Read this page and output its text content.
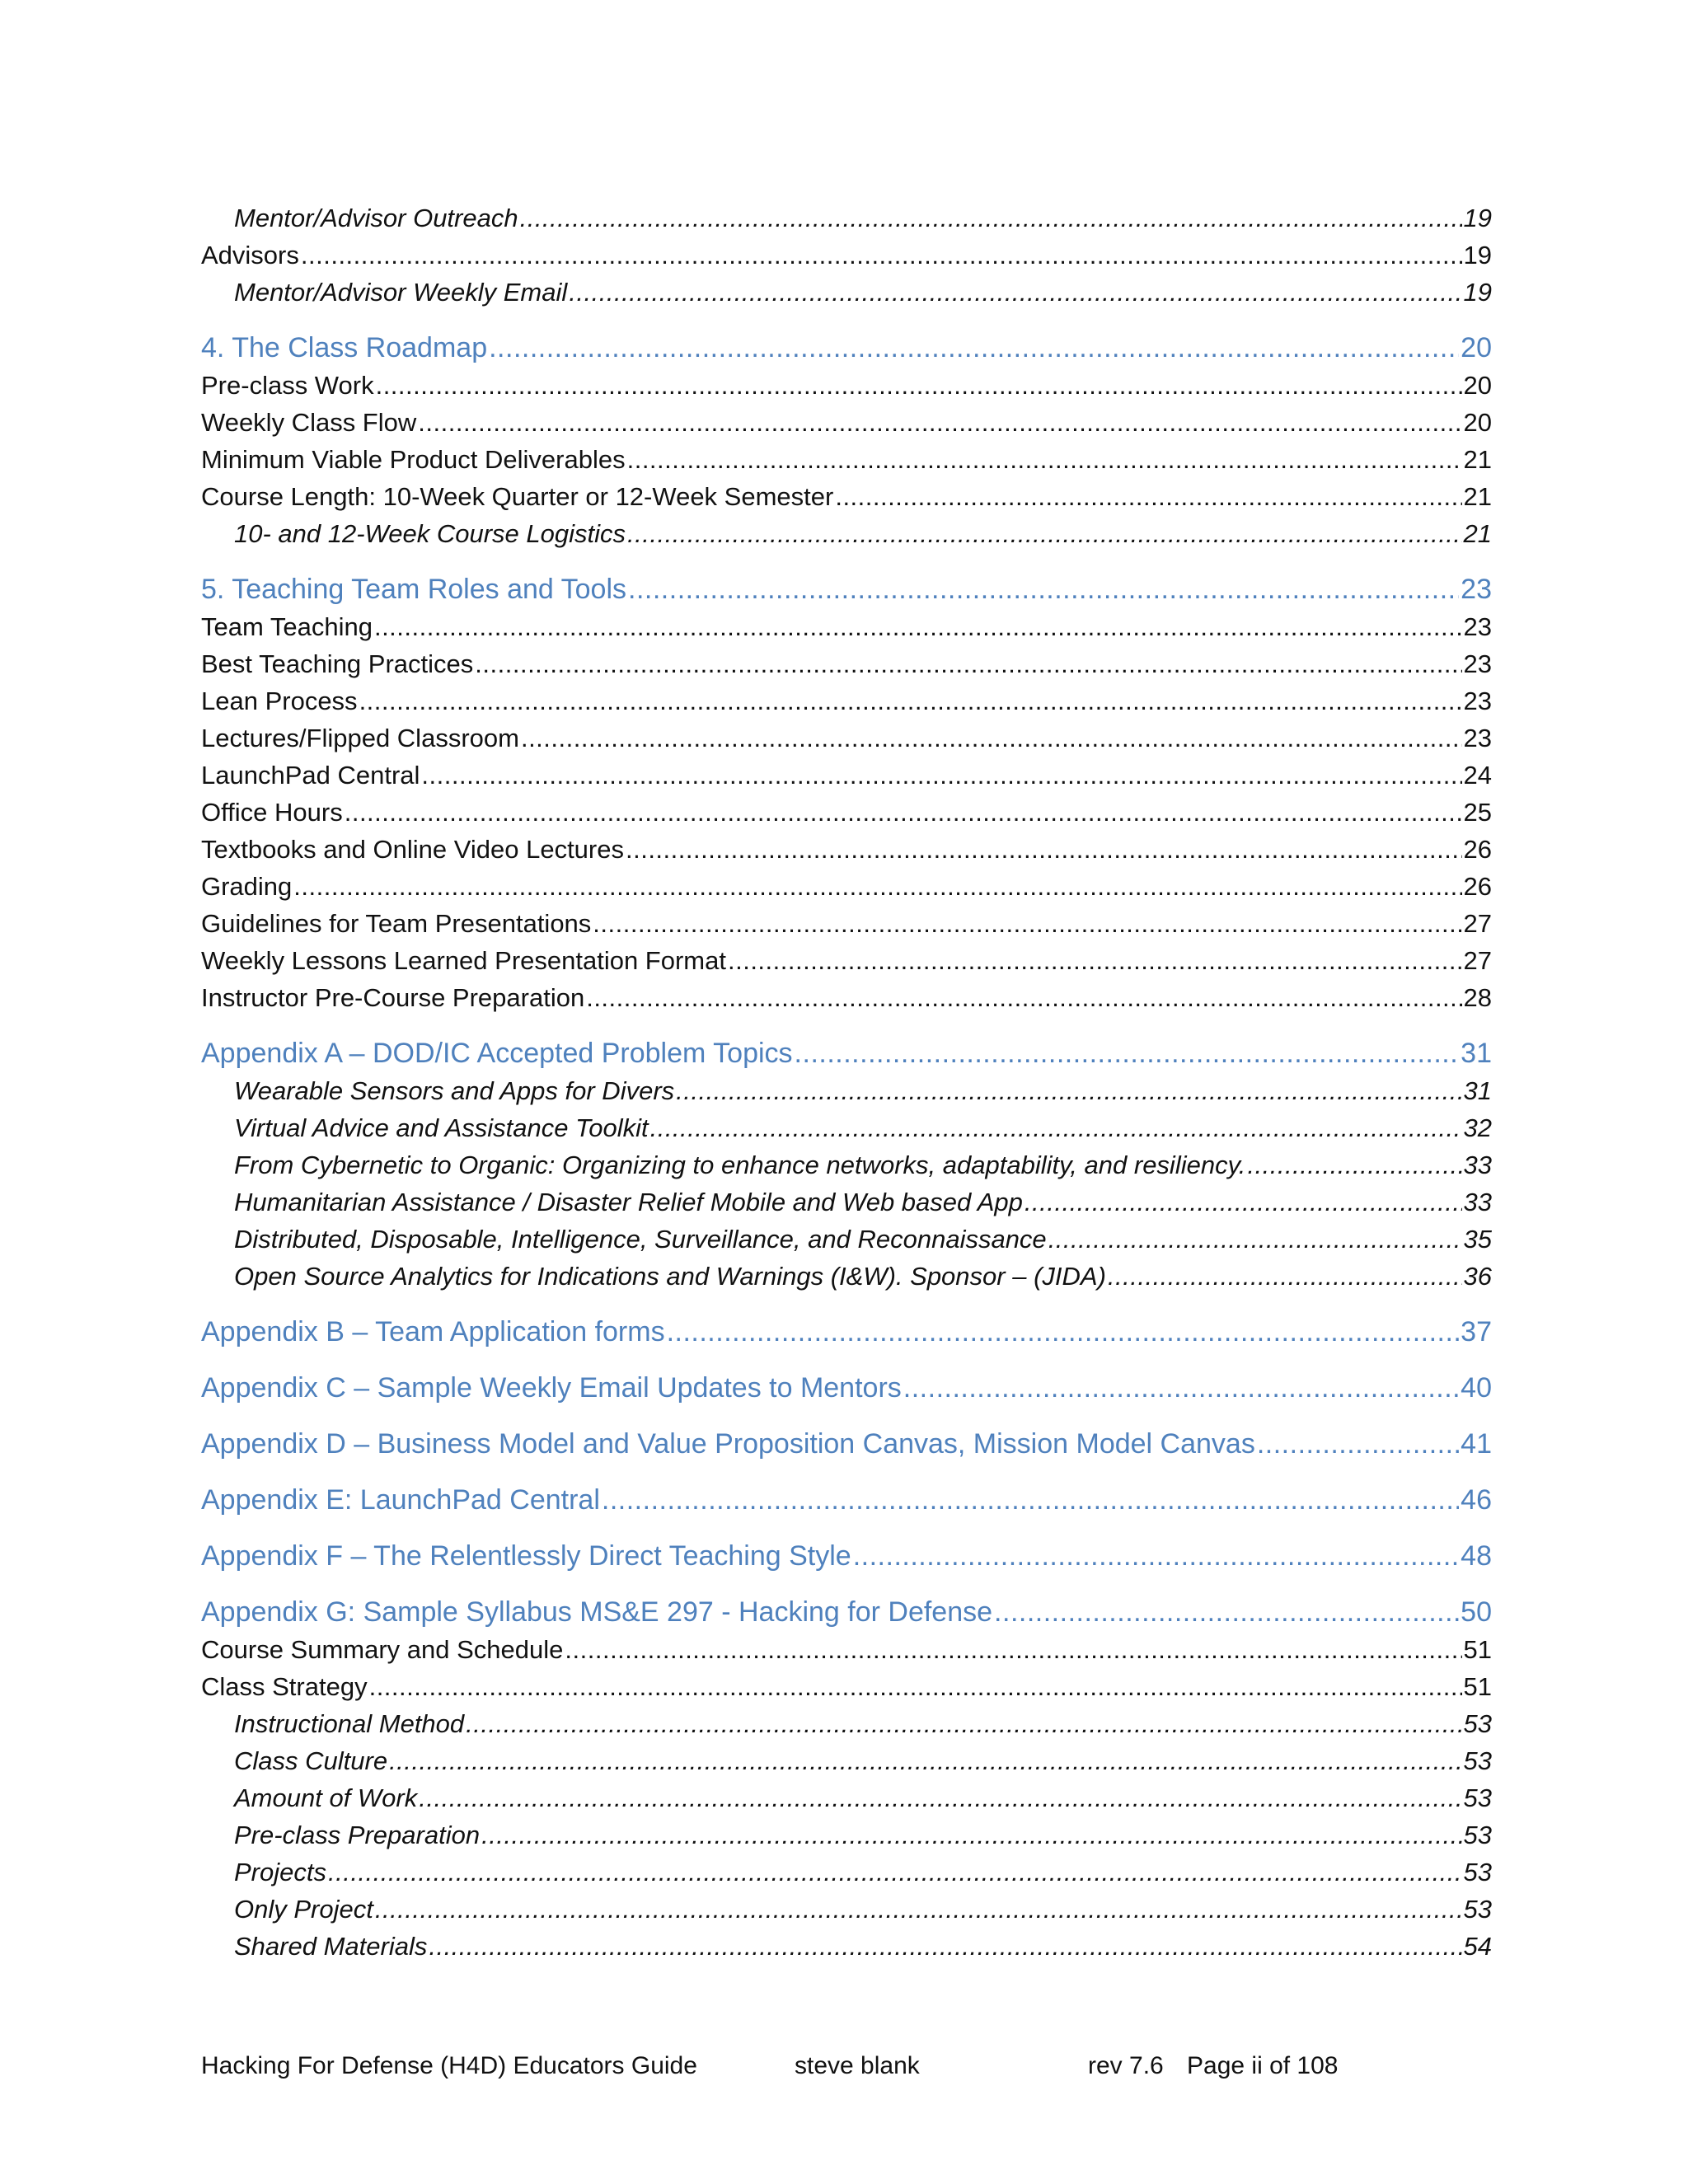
Mentor/Advisor Outreach .....	19
Advisors .....	19
Mentor/Advisor Weekly Email .....	19
4. The Class Roadmap .....	20
Pre-class Work .....	20
Weekly Class Flow .....	20
Minimum Viable Product Deliverables .....	21
Course Length: 10-Week Quarter or 12-Week Semester .....	21
10- and 12-Week Course Logistics .....	21
5. Teaching Team Roles and Tools .....	23
Team Teaching .....	23
Best Teaching Practices .....	23
Lean Process .....	23
Lectures/Flipped Classroom .....	23
LaunchPad Central .....	24
Office Hours .....	25
Textbooks and Online Video Lectures .....	26
Grading .....	26
Guidelines for Team Presentations .....	27
Weekly Lessons Learned Presentation Format .....	27
Instructor Pre-Course Preparation .....	28
Appendix A – DOD/IC Accepted Problem Topics .....	31
Wearable Sensors and Apps for Divers .....	31
Virtual Advice and Assistance Toolkit .....	32
From Cybernetic to Organic: Organizing to enhance networks, adaptability, and resiliency. .....	33
Humanitarian Assistance / Disaster Relief Mobile and Web based App .....	33
Distributed, Disposable, Intelligence, Surveillance, and Reconnaissance .....	35
Open Source Analytics for Indications and Warnings (I&W). Sponsor – (JIDA) .....	36
Appendix B – Team Application forms .....	37
Appendix C – Sample Weekly Email Updates to Mentors .....	40
Appendix D – Business Model and Value Proposition Canvas, Mission Model Canvas .....	41
Appendix E: LaunchPad Central .....	46
Appendix F – The Relentlessly Direct Teaching Style .....	48
Appendix G: Sample Syllabus MS&E 297 - Hacking for Defense .....	50
Course Summary and Schedule .....	51
Class Strategy .....	51
Instructional Method .....	53
Class Culture .....	53
Amount of Work .....	53
Pre-class Preparation .....	53
Projects .....	53
Only Project .....	53
Shared Materials .....	54
Hacking For Defense (H4D) Educators Guide	steve blank	rev 7.6 Page ii of 108
